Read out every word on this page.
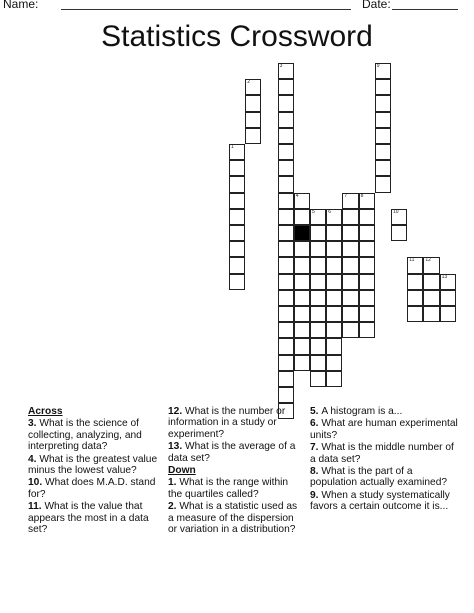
Name:	Date:
Statistics Crossword
1
2
3
4
5	6
7	8
9
10
11 12
13
Across

3. What is the science of collecting, analyzing, and interpreting data?

4. What is the greatest value minus the lowest value?

10. What does M.A.D. stand for?

11. What is the value that appears the most in a data set?

12. What is the number or information in a study or experiment?

13. What is the average of a data set?

Down

1. What is the range within the quartiles called?

2. What is a statistic used as a measure of the dispersion or variation in a distribution?

5. A histogram is a...

6. What are human experimental units?

7. What is the middle number of a data set?

8. What is the part of a population actually examined?

9. When a study systematically favors a certain outcome it is...
